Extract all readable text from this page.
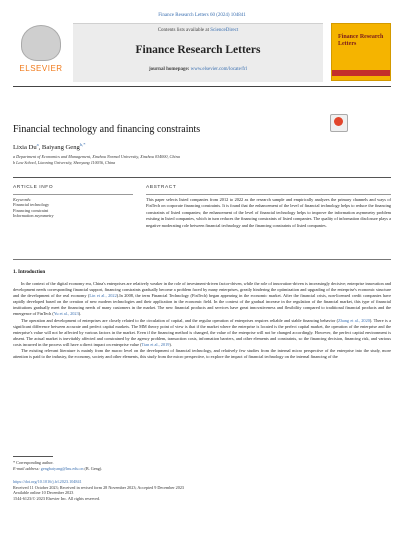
Finance Research Letters 60 (2024) 104841
ELSEVIER
Contents lists available at ScienceDirect
Finance Research Letters
journal homepage: www.elsevier.com/locate/frl
Finance Research Letters
Financial technology and financing constraints
Lixia Du$^a$, Baiyang Geng$^{b,*}$
a Department of Economics and Management, Xinzhou Normal University, Xinzhou 034000, China
b Law School, Liaoning University, Shenyang 110036, China
ARTICLE INFO	ABSTRACT
Keywords:
Financial technology
Financing constraint
Information asymmetry
This paper selects listed companies from 2012 to 2022 as the research sample and empirically analyzes the primary channels and ways of FinTech on corporate financing constraints. It is found that the enhancement of the level of financial technology helps to reduce the financing constraints of listed companies; the enhancement of the level of financial technology helps to improve the information asymmetry problem existing in listed companies, which in turn reduces the financing constraints of listed companies. The quality of information disclosure plays a negative moderating role between financial technology and the financing constraints of listed companies.
1. Introduction

In the context of the digital economy era, China's enterprises are relatively weaker in the role of investment-driven factor-driven, while the role of innovation-driven is increasingly decisive; enterprise innovation and development needs corresponding financial support, financing constraints gradually become a problem faced by many enterprises, greatly hindering the optimization and upgrading of the enterprise's economic structure and the development of the real economy (Lin et al., 2022).In 2008, the term Financial Technology (FinTech) began appearing in the economic market. After the financial crisis, non-licensed credit companies have rapidly developed based on the creation of new modern technologies and their application in the economic field. In the context of the gradual increase in the regulation of the financial market, this type of financial institutions gradually meet the financing needs of many customers in the market. The new financial products and services have great innovativeness and flexibility compared to traditional financial products and the emergence of FinTech (Yu et al., 2023).

The operation and development of enterprises are closely related to the circulation of capital, and the regular operation of enterprises requires reliable and stable financing behavior (Zhang et al., 2020). There is a significant difference between accurate and perfect capital markets. The MM theory point of view is that if the market where the enterprise is located is the perfect capital market, the operation of the enterprise and the enterprise's value will not be affected by various factors in the market. Even if the financing method is changed, the value of the enterprise will not be changed accordingly. However, the perfect capital environment is absent. The actual market is inevitably affected and constrained by the agency problem, transaction costs, information barriers, and other elements and constraints, so the financing decision, financing risk, and various costs incurred in the process will have a direct impact on enterprise value (Tian et al., 2019).

The existing relevant literature is mainly from the macro level on the development of financial technology, and relatively few studies from the internal micro perspective of the enterprise into the study, more attention is paid to the industry, the economy, society and other elements, this study from the micro perspective, to explore the impact of financial technology on the internal financing of the

* Corresponding author.
E-mail address: gengbaiyang@lnu.edu.cn (B. Geng).
https://doi.org/10.1016/j.frl.2023.104841
Received 11 October 2023; Received in revised form 28 November 2023; Accepted 9 December 2023
Available online 10 December 2023
1544-6123/© 2023 Elsevier Inc. All rights reserved.
